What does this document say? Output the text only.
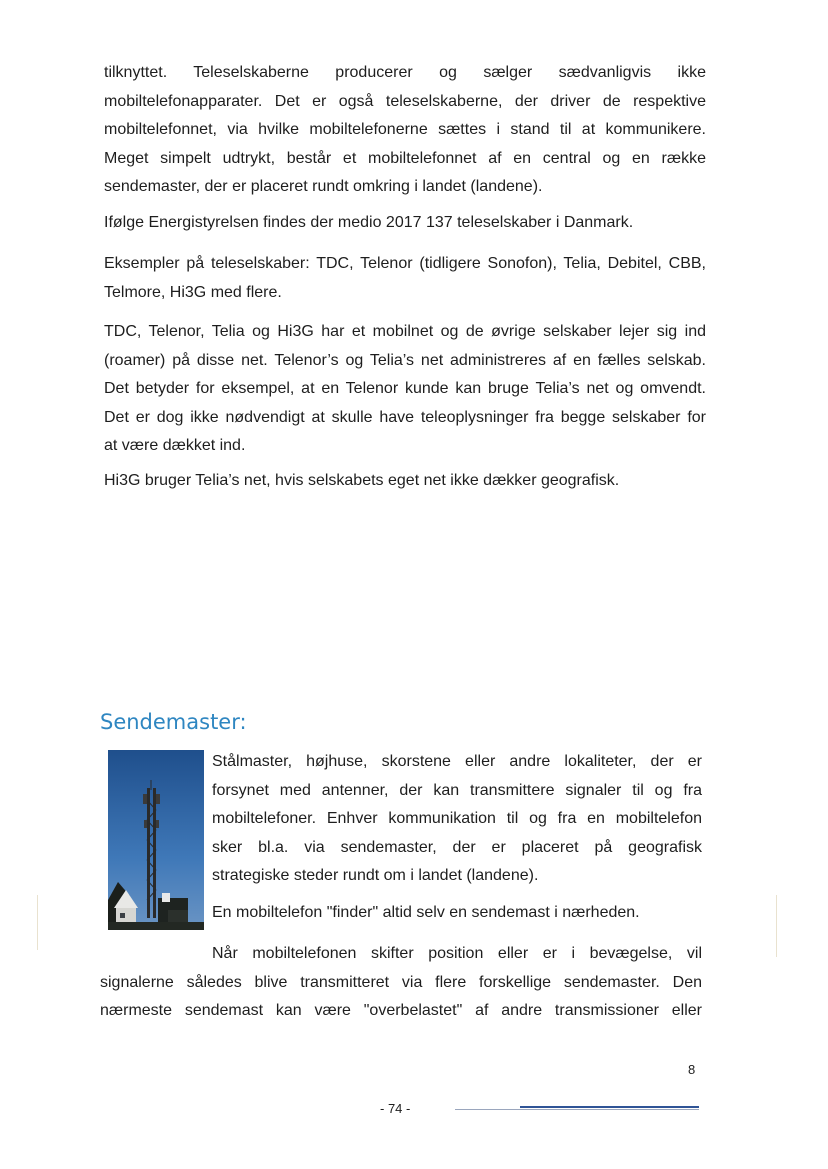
tilknyttet. Teleselskaberne producerer og sælger sædvanligvis ikke
mobiltelefonapparater. Det er også teleselskaberne, der driver de respektive
mobiltelefonnet, via hvilke mobiltelefonerne sættes i stand til at kommunikere.
Meget simpelt udtrykt, består et mobiltelefonnet af en central og en række
sendemaster, der er placeret rundt omkring i landet (landene).
Ifølge Energistyrelsen findes der medio 2017 137 teleselskaber i Danmark.
Eksempler på teleselskaber: TDC, Telenor (tidligere Sonofon), Telia, Debitel, CBB,
Telmore, Hi3G med flere.
TDC, Telenor, Telia og Hi3G har et mobilnet og de øvrige selskaber lejer sig ind
(roamer) på disse net. Telenor’s og Telia’s net administreres af en fælles selskab.
Det betyder for eksempel, at en Telenor kunde kan bruge Telia’s net og omvendt.
Det er dog ikke nødvendigt at skulle have teleoplysninger fra begge selskaber for
at være dækket ind.
Hi3G bruger Telia’s net, hvis selskabets eget net ikke dækker geografisk.
Sendemaster:
Stålmaster, højhuse, skorstene eller andre lokaliteter, der er
forsynet med antenner, der kan transmittere signaler til og fra
mobiltelefoner. Enhver kommunikation til og fra en mobiltelefon
sker bl.a. via sendemaster, der er placeret på geografisk
strategiske steder rundt om i landet (landene).
En mobiltelefon "finder" altid selv en sendemast i nærheden.
Når mobiltelefonen skifter position eller er i bevægelse, vil
signalerne således blive transmitteret via flere forskellige sendemaster. Den
nærmeste sendemast kan være "overbelastet" af andre transmissioner eller
8
- 74 -
